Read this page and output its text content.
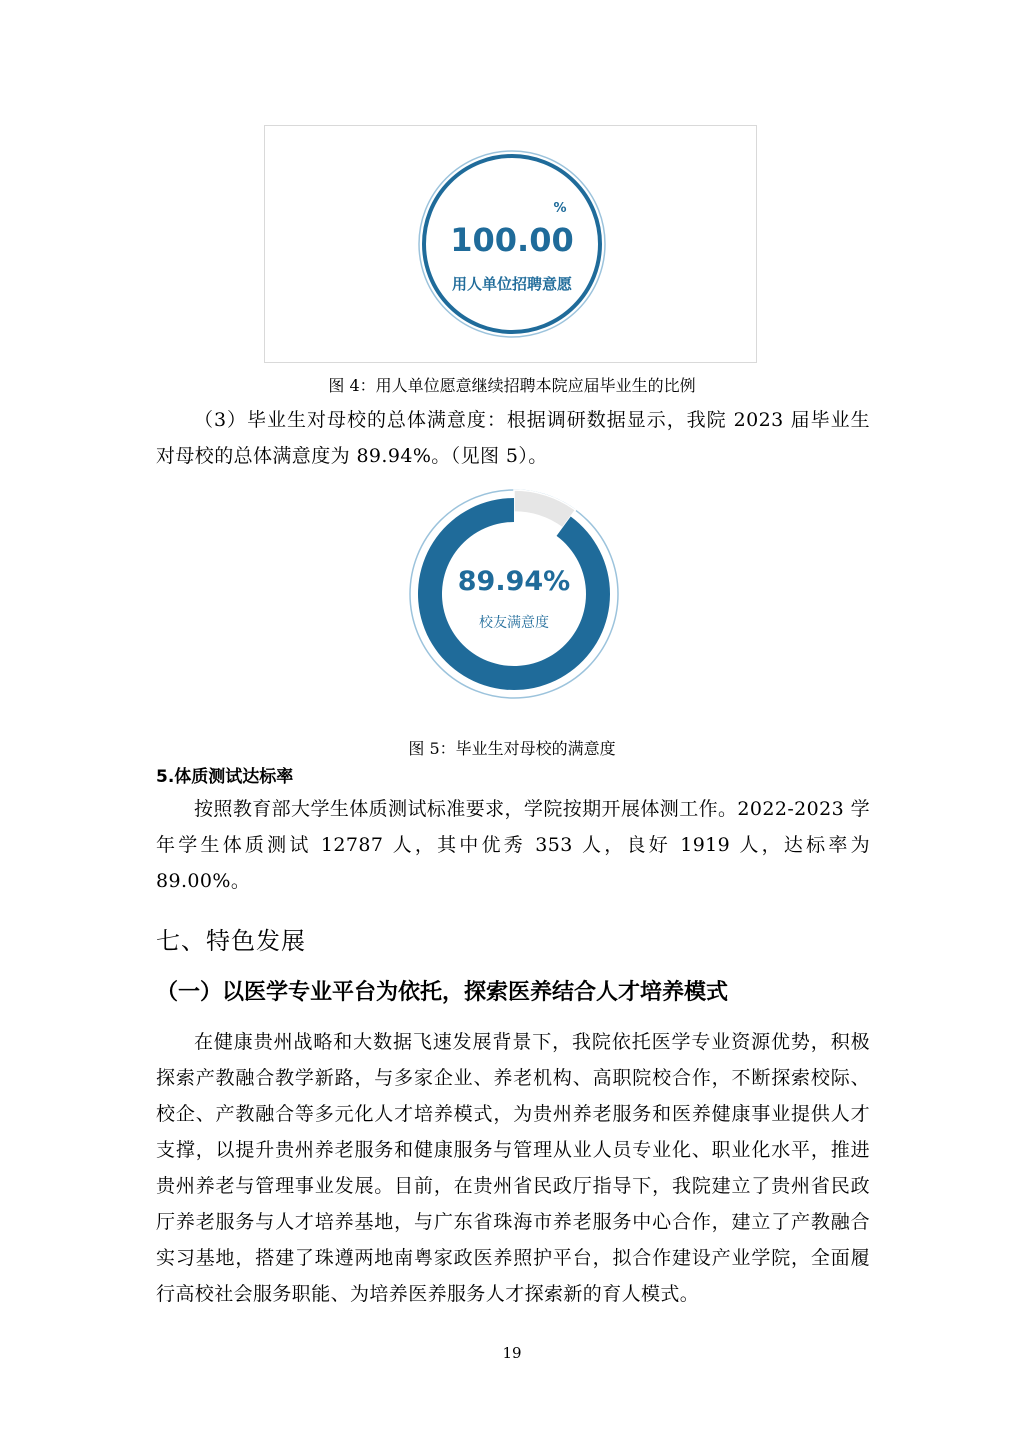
%
100.00
用人单位招聘意愿
图 4：用人单位愿意继续招聘本院应届毕业生的比例

（3）毕业生对母校的总体满意度：根据调研数据显示，我院 2023 届毕业生对母校的总体满意度为 89.94%。（见图 5）。

89.94%
校友满意度
图 5：毕业生对母校的满意度
5.体质测试达标率

按照教育部大学生体质测试标准要求，学院按期开展体测工作。2022-2023 学年学生体质测试 12787 人，其中优秀 353 人，良好 1919 人，达标率为 89.00%。

七、特色发展
（一）以医学专业平台为依托，探索医养结合人才培养模式

在健康贵州战略和大数据飞速发展背景下，我院依托医学专业资源优势，积极探索产教融合教学新路，与多家企业、养老机构、高职院校合作，不断探索校际、校企、产教融合等多元化人才培养模式，为贵州养老服务和医养健康事业提供人才支撑，以提升贵州养老服务和健康服务与管理从业人员专业化、职业化水平，推进贵州养老与管理事业发展。目前，在贵州省民政厅指导下，我院建立了贵州省民政厅养老服务与人才培养基地，与广东省珠海市养老服务中心合作，建立了产教融合实习基地，搭建了珠遵两地南粤家政医养照护平台，拟合作建设产业学院，全面履行高校社会服务职能、为培养医养服务人才探索新的育人模式。

19
